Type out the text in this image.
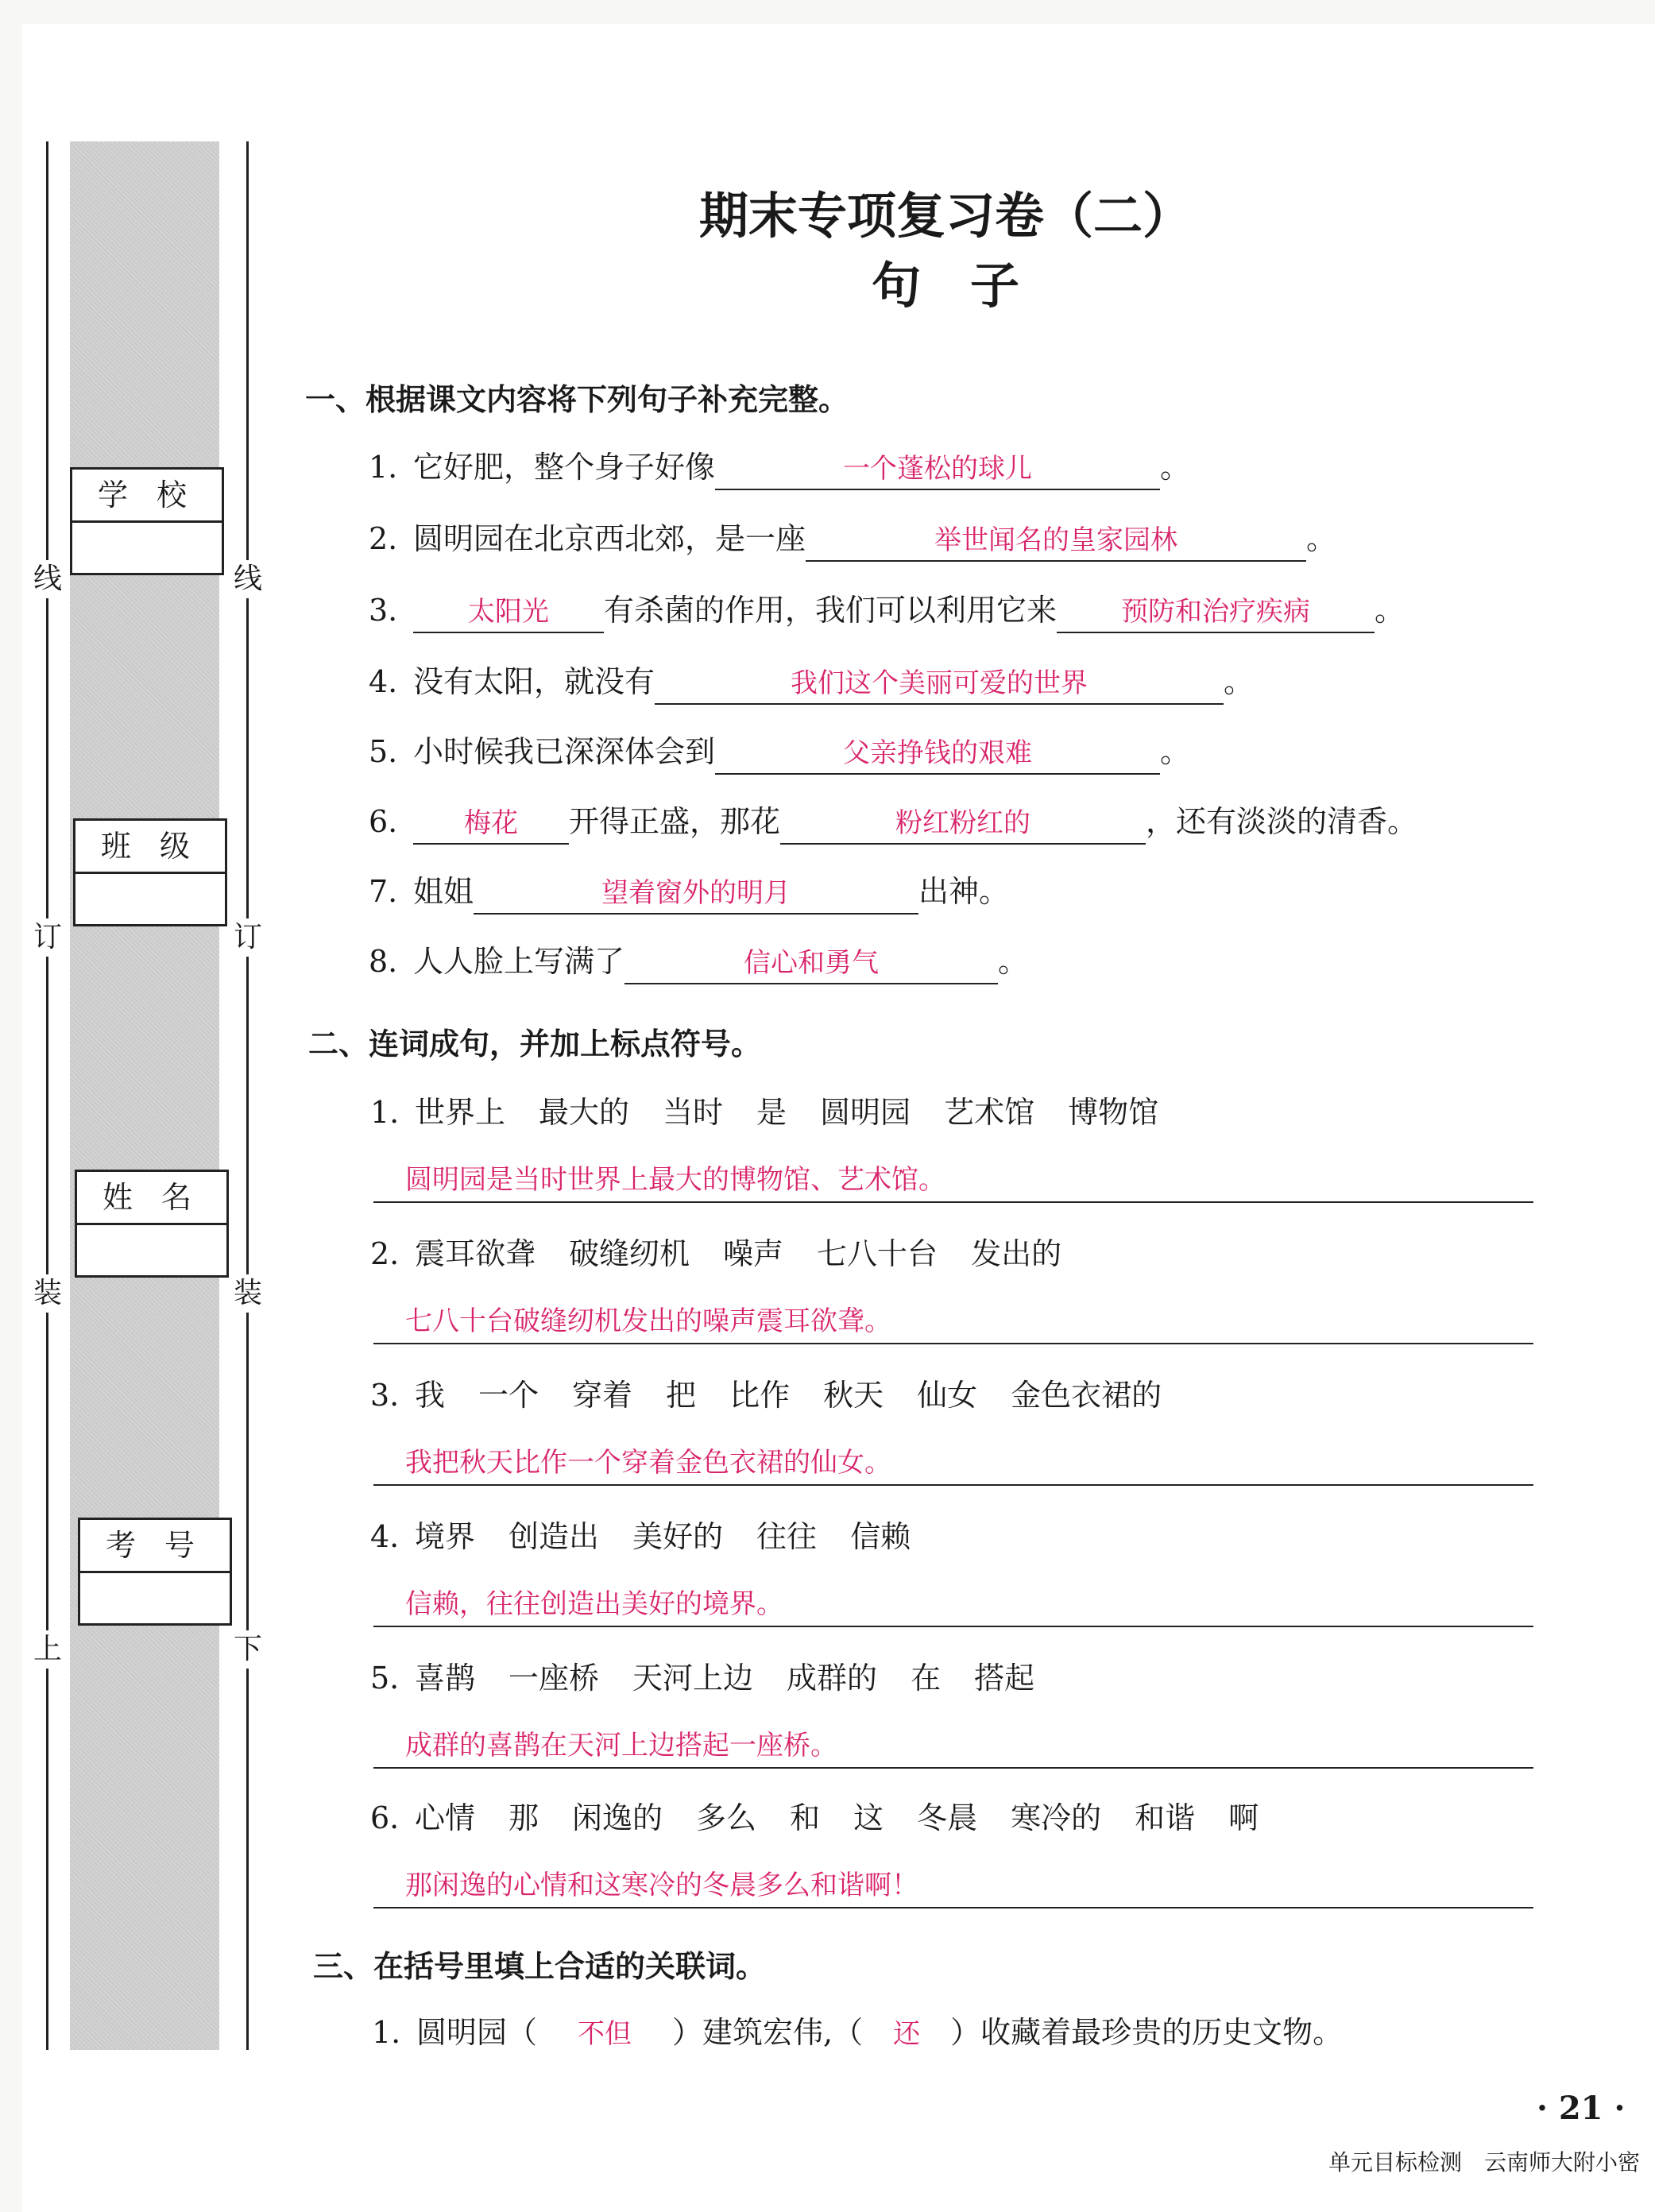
线	线
订	订
装	装
上	下
学 校
班 级
姓 名
考 号
期末专项复习卷（二）
句　子
一、根据课文内容将下列句子补充完整。
1. 它好肥，整个身子好像	一个蓬松的球儿	。
2. 圆明园在北京西北郊，是一座	举世闻名的皇家园林	。
3.	太阳光 有杀菌的作用，我们可以利用它来 预防和治疗疾病 。
4. 没有太阳，就没有	我们这个美丽可爱的世界	。
5. 小时候我已深深体会到	父亲挣钱的艰难	。
6. 梅花 开得正盛，那花	粉红粉红的	，还有淡淡的清香。
7. 姐姐	望着窗外的明月	出神。
8. 人人脸上写满了	信心和勇气	。
二、连词成句，并加上标点符号。
1. 世界上 最大的 当时 是 圆明园 艺术馆 博物馆
圆明园是当时世界上最大的博物馆、艺术馆。
2. 震耳欲聋 破缝纫机 噪声 七八十台 发出的
七八十台破缝纫机发出的噪声震耳欲聋。
3. 我 一个 穿着 把 比作 秋天 仙女 金色衣裙的
我把秋天比作一个穿着金色衣裙的仙女。
4. 境界 创造出 美好的 往往 信赖
信赖，往往创造出美好的境界。
5. 喜鹊 一座桥 天河上边 成群的 在 搭起
成群的喜鹊在天河上边搭起一座桥。
6. 心情 那 闲逸的 多么 和 这 冬晨 寒冷的 和谐 啊
那闲逸的心情和这寒冷的冬晨多么和谐啊！
三、在括号里填上合适的关联词。
1. 圆明园（ 不但 ）建筑宏伟,（ 还 ）收藏着最珍贵的历史文物。
· 21 ·
单元目标检测　云南师大附小密
